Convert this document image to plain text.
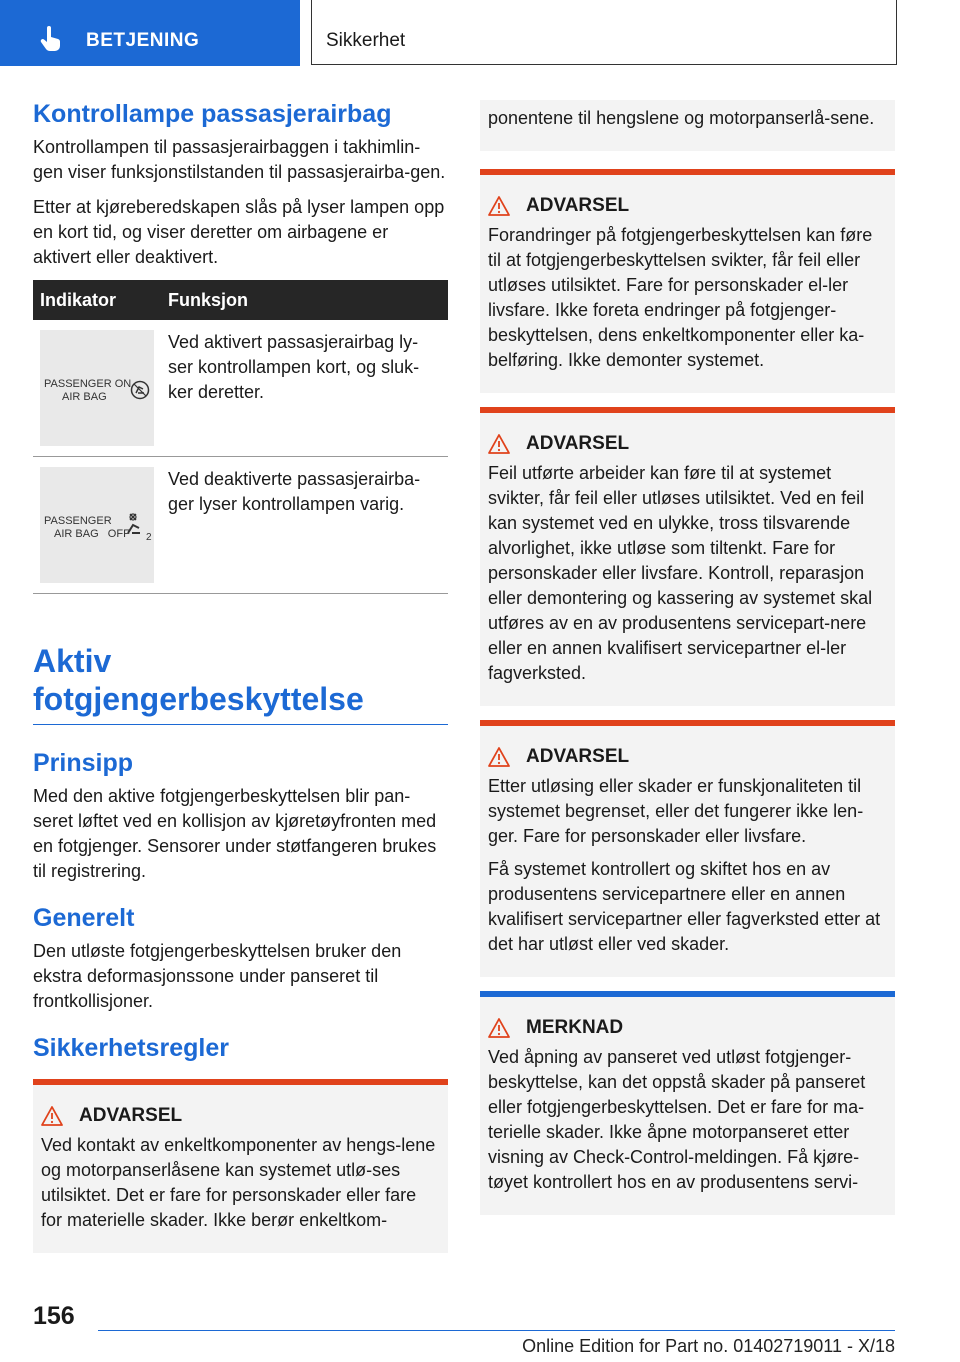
BETJENING	Sikkerhet
Kontrollampe passasjerairbag

Kontrollampen til passasjerairbaggen i takhimlin-gen viser funksjonstilstanden til passasjerairba-gen.

Etter at kjøreberedskapen slås på lyser lampen opp en kort tid, og viser deretter om airbagene er aktivert eller deaktivert.

Indikator	Funksjon

PASSENGER ON
AIR BAG	Ved aktivert passasjerairbag ly-ser kontrollampen kort, og sluk-ker deretter.

PASSENGER
AIR BAG   OFF 2	Ved deaktiverte passasjerairba-ger lyser kontrollampen varig.
Aktiv fotgjengerbeskyttelse
Prinsipp

Med den aktive fotgjengerbeskyttelsen blir pan-seret løftet ved en kollisjon av kjøretøyfronten med en fotgjenger. Sensorer under støtfangeren brukes til registrering.

Generelt

Den utløste fotgjengerbeskyttelsen bruker den ekstra deformasjonssone under panseret til frontkollisjoner.

Sikkerhetsregler
ADVARSEL

Ved kontakt av enkeltkomponenter av hengs-lene og motorpanserlåsene kan systemet utlø-ses utilsiktet. Det er fare for personskader eller fare for materielle skader. Ikke berør enkeltkom-

ponentene til hengslene og motorpanserlå-sene.

ADVARSEL

Forandringer på fotgjengerbeskyttelsen kan føre til at fotgjengerbeskyttelsen svikter, får feil eller utløses utilsiktet. Fare for personskader el-ler livsfare. Ikke foreta endringer på fotgjenger-beskyttelsen, dens enkeltkomponenter eller ka-belføring. Ikke demonter systemet.

ADVARSEL

Feil utførte arbeider kan føre til at systemet svikter, får feil eller utløses utilsiktet. Ved en feil kan systemet ved en ulykke, tross tilsvarende alvorlighet, ikke utløse som tiltenkt. Fare for personskader eller livsfare. Kontroll, reparasjon eller demontering og kassering av systemet skal utføres av en av produsentens servicepart-nere eller en annen kvalifisert servicepartner el-ler fagverksted.

ADVARSEL

Etter utløsing eller skader er funskjonaliteten til systemet begrenset, eller det fungerer ikke len-ger. Fare for personskader eller livsfare.

Få systemet kontrollert og skiftet hos en av produsentens servicepartnere eller en annen kvalifisert servicepartner eller fagverksted etter at det har utløst eller ved skader.

MERKNAD

Ved åpning av panseret ved utløst fotgjenger-beskyttelse, kan det oppstå skader på panseret eller fotgjengerbeskyttelsen. Det er fare for ma-terielle skader. Ikke åpne motorpanseret etter visning av Check-Control-meldingen. Få kjøre-tøyet kontrollert hos en av produsentens servi-

156
Online Edition for Part no. 01402719011 - X/18
